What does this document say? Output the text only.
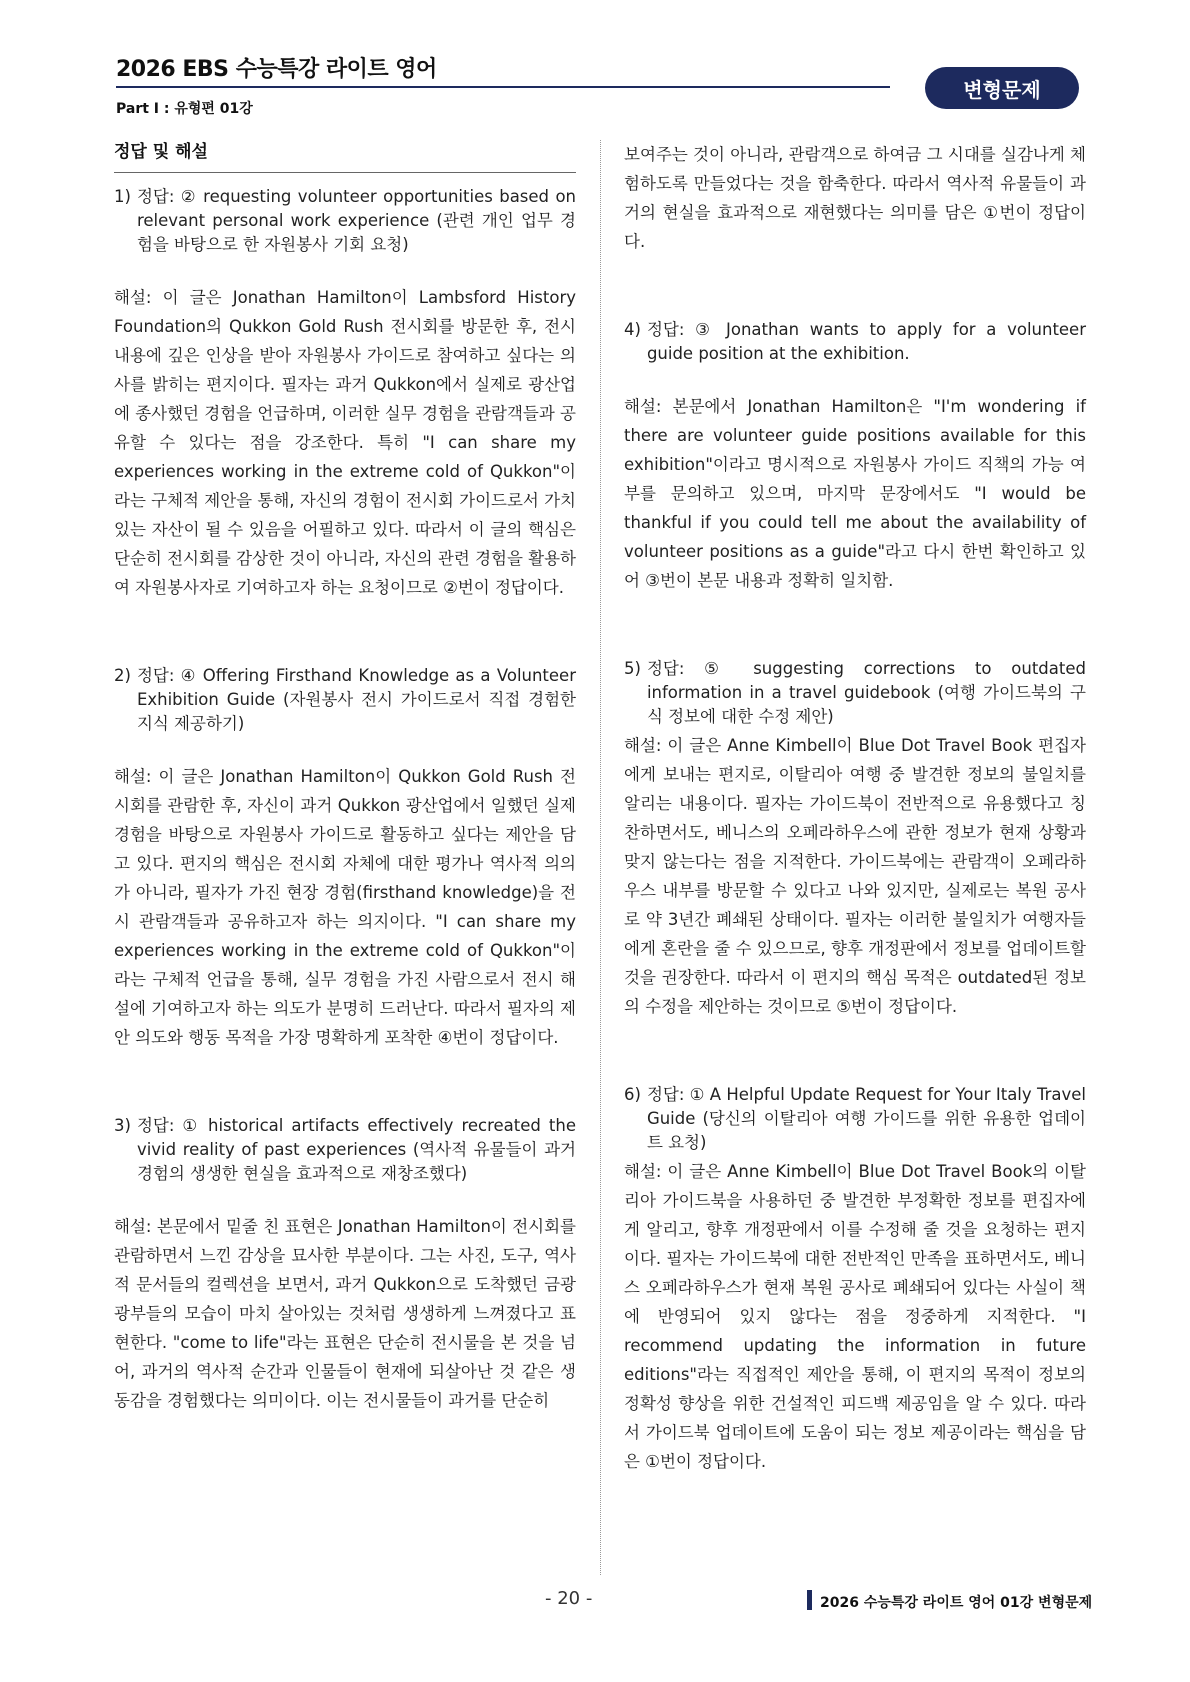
2026 EBS 수능특강 라이트 영어
Part Ⅰ : 유형편 01강
변형문제
정답 및 해설
1) 정답: ② requesting volunteer opportunities based on relevant personal work experience (관련 개인 업무 경험을 바탕으로 한 자원봉사 기회 요청)

해설: 이 글은 Jonathan Hamilton이 Lambsford History Foundation의 Qukkon Gold Rush 전시회를 방문한 후, 전시 내용에 깊은 인상을 받아 자원봉사 가이드로 참여하고 싶다는 의사를 밝히는 편지이다. 필자는 과거 Qukkon에서 실제로 광산업에 종사했던 경험을 언급하며, 이러한 실무 경험을 관람객들과 공유할 수 있다는 점을 강조한다. 특히 "I can share my experiences working in the extreme cold of Qukkon"이라는 구체적 제안을 통해, 자신의 경험이 전시회 가이드로서 가치 있는 자산이 될 수 있음을 어필하고 있다. 따라서 이 글의 핵심은 단순히 전시회를 감상한 것이 아니라, 자신의 관련 경험을 활용하여 자원봉사자로 기여하고자 하는 요청이므로 ②번이 정답이다.

2) 정답: ④ Offering Firsthand Knowledge as a Volunteer Exhibition Guide (자원봉사 전시 가이드로서 직접 경험한 지식 제공하기)

해설: 이 글은 Jonathan Hamilton이 Qukkon Gold Rush 전시회를 관람한 후, 자신이 과거 Qukkon 광산업에서 일했던 실제 경험을 바탕으로 자원봉사 가이드로 활동하고 싶다는 제안을 담고 있다. 편지의 핵심은 전시회 자체에 대한 평가나 역사적 의의가 아니라, 필자가 가진 현장 경험(firsthand knowledge)을 전시 관람객들과 공유하고자 하는 의지이다. "I can share my experiences working in the extreme cold of Qukkon"이라는 구체적 언급을 통해, 실무 경험을 가진 사람으로서 전시 해설에 기여하고자 하는 의도가 분명히 드러난다. 따라서 필자의 제안 의도와 행동 목적을 가장 명확하게 포착한 ④번이 정답이다.

3) 정답: ① historical artifacts effectively recreated the vivid reality of past experiences (역사적 유물들이 과거 경험의 생생한 현실을 효과적으로 재창조했다)

해설: 본문에서 밑줄 친 표현은 Jonathan Hamilton이 전시회를 관람하면서 느낀 감상을 묘사한 부분이다. 그는 사진, 도구, 역사적 문서들의 컬렉션을 보면서, 과거 Qukkon으로 도착했던 금광 광부들의 모습이 마치 살아있는 것처럼 생생하게 느껴졌다고 표현한다. "come to life"라는 표현은 단순히 전시물을 본 것을 넘어, 과거의 역사적 순간과 인물들이 현재에 되살아난 것 같은 생동감을 경험했다는 의미이다. 이는 전시물들이 과거를 단순히

보여주는 것이 아니라, 관람객으로 하여금 그 시대를 실감나게 체험하도록 만들었다는 것을 함축한다. 따라서 역사적 유물들이 과거의 현실을 효과적으로 재현했다는 의미를 담은 ①번이 정답이다.

4) 정답: ③ Jonathan wants to apply for a volunteer guide position at the exhibition.

해설: 본문에서 Jonathan Hamilton은 "I'm wondering if there are volunteer guide positions available for this exhibition"이라고 명시적으로 자원봉사 가이드 직책의 가능 여부를 문의하고 있으며, 마지막 문장에서도 "I would be thankful if you could tell me about the availability of volunteer positions as a guide"라고 다시 한번 확인하고 있어 ③번이 본문 내용과 정확히 일치함.

5) 정답: ⑤ suggesting corrections to outdated information in a travel guidebook (여행 가이드북의 구식 정보에 대한 수정 제안)

해설: 이 글은 Anne Kimbell이 Blue Dot Travel Book 편집자에게 보내는 편지로, 이탈리아 여행 중 발견한 정보의 불일치를 알리는 내용이다. 필자는 가이드북이 전반적으로 유용했다고 칭찬하면서도, 베니스의 오페라하우스에 관한 정보가 현재 상황과 맞지 않는다는 점을 지적한다. 가이드북에는 관람객이 오페라하우스 내부를 방문할 수 있다고 나와 있지만, 실제로는 복원 공사로 약 3년간 폐쇄된 상태이다. 필자는 이러한 불일치가 여행자들에게 혼란을 줄 수 있으므로, 향후 개정판에서 정보를 업데이트할 것을 권장한다. 따라서 이 편지의 핵심 목적은 outdated된 정보의 수정을 제안하는 것이므로 ⑤번이 정답이다.

6) 정답: ① A Helpful Update Request for Your Italy Travel Guide (당신의 이탈리아 여행 가이드를 위한 유용한 업데이트 요청)

해설: 이 글은 Anne Kimbell이 Blue Dot Travel Book의 이탈리아 가이드북을 사용하던 중 발견한 부정확한 정보를 편집자에게 알리고, 향후 개정판에서 이를 수정해 줄 것을 요청하는 편지이다. 필자는 가이드북에 대한 전반적인 만족을 표하면서도, 베니스 오페라하우스가 현재 복원 공사로 폐쇄되어 있다는 사실이 책에 반영되어 있지 않다는 점을 정중하게 지적한다. "I recommend updating the information in future editions"라는 직접적인 제안을 통해, 이 편지의 목적이 정보의 정확성 향상을 위한 건설적인 피드백 제공임을 알 수 있다. 따라서 가이드북 업데이트에 도움이 되는 정보 제공이라는 핵심을 담은 ①번이 정답이다.

- 20 -	2026 수능특강 라이트 영어 01강 변형문제
